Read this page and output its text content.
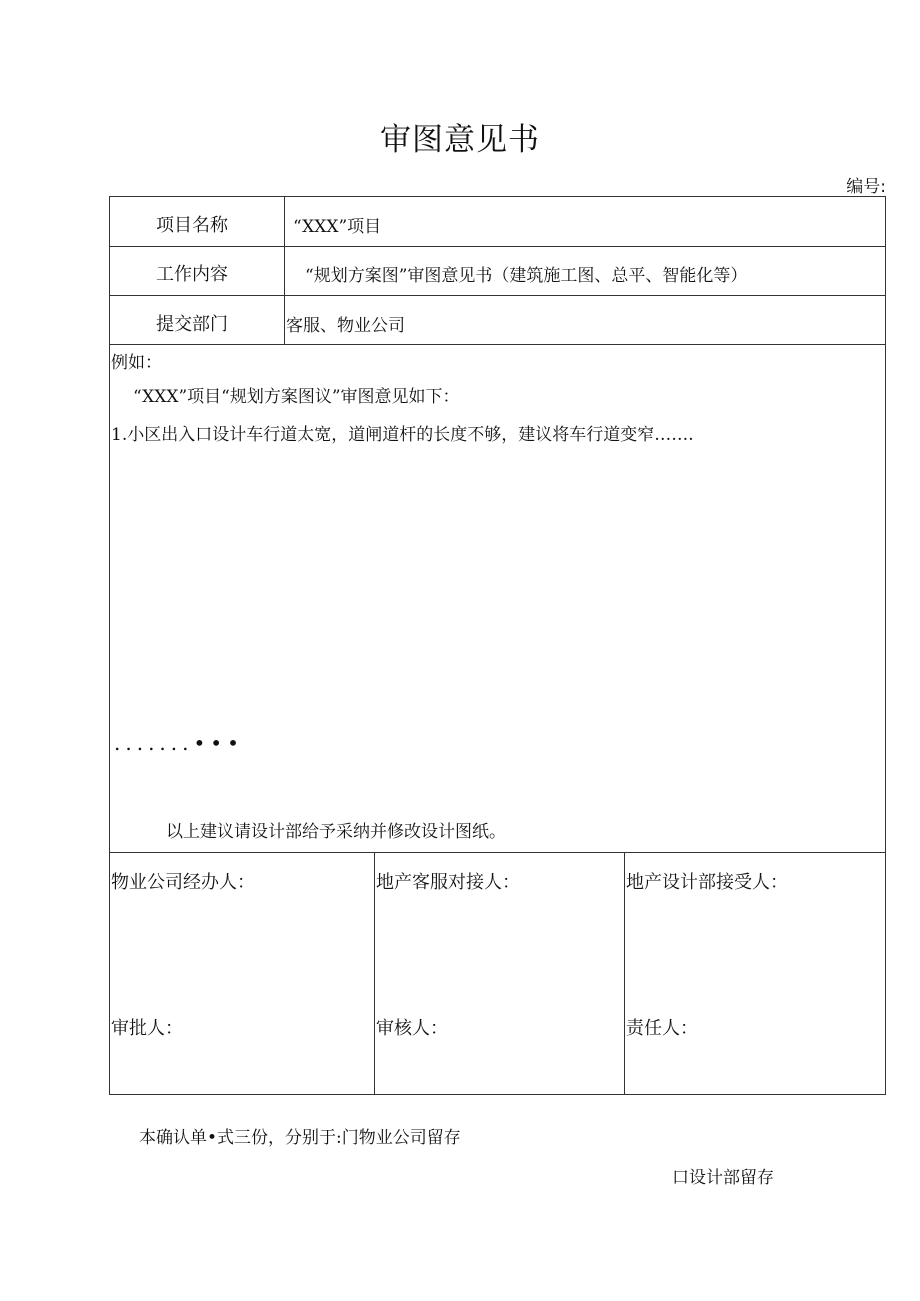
审图意见书
编号:
项目名称	“XXX”项目
工作内容	“规划方案图”审图意见书（建筑施工图、总平、智能化等）
提交部门	客服、物业公司
例如：
“XXX”项目“规划方案图议”审图意见如下：
1.小区出入口设计车行道太宽，道闸道杆的长度不够，建议将车行道变窄…….
.......•••
以上建议请设计部给予采纳并修改设计图纸。
物业公司经办人：	地产客服对接人：	地产设计部接受人：
审批人：	审核人：	责任人：
本确认单•式三份，分别于:门物业公司留存
口设计部留存
